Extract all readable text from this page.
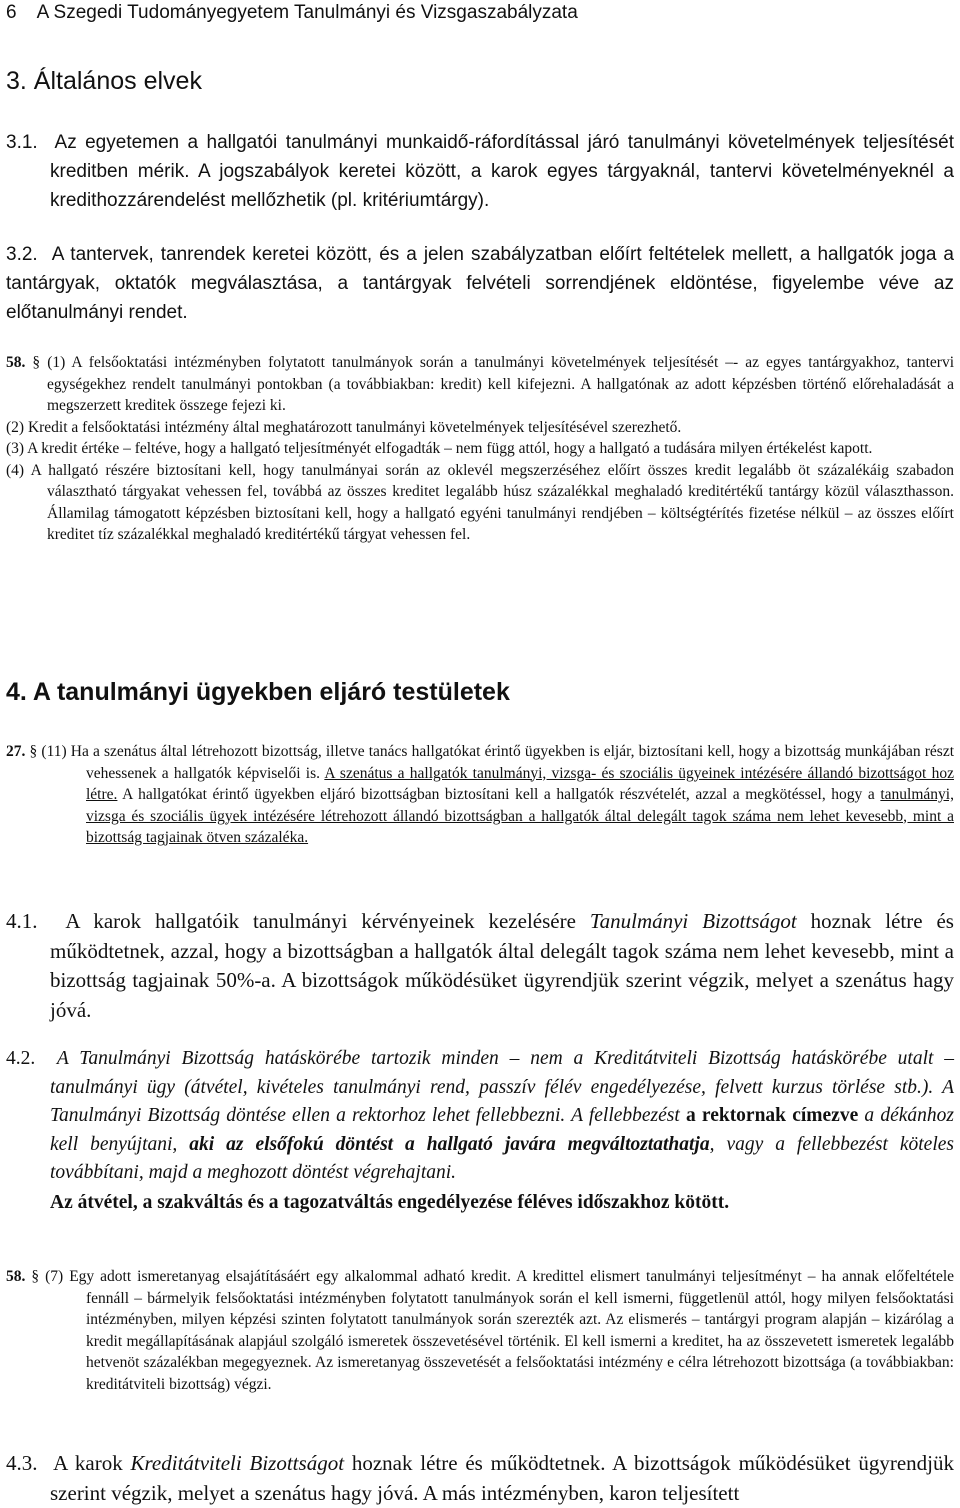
6 A Szegedi Tudományegyetem Tanulmányi és Vizsgaszabályzata
3. Általános elvek

3.1. Az egyetemen a hallgatói tanulmányi munkaidő-ráfordítással járó tanulmányi követelmények teljesítését kreditben mérik. A jogszabályok keretei között, a karok egyes tárgyaknál, tantervi követelményeknél a kredithozzárendelést mellőzhetik (pl. kritériumtárgy).

3.2. A tantervek, tanrendek keretei között, és a jelen szabályzatban előírt feltételek mellett, a hallgatók joga a tantárgyak, oktatók megválasztása, a tantárgyak felvételi sorrendjének eldöntése, figyelembe véve az előtanulmányi rendet.

58. § (1) A felsőoktatási intézményben folytatott tanulmányok során a tanulmányi követelmények teljesítését –- az egyes tantárgyakhoz, tantervi egységekhez rendelt tanulmányi pontokban (a továbbiakban: kredit) kell kifejezni. A hallgatónak az adott képzésben történő előrehaladását a megszerzett kreditek összege fejezi ki.

(2) Kredit a felsőoktatási intézmény által meghatározott tanulmányi követelmények teljesítésével szerezhető.

(3) A kredit értéke – feltéve, hogy a hallgató teljesítményét elfogadták – nem függ attól, hogy a hallgató a tudására milyen értékelést kapott.

(4) A hallgató részére biztosítani kell, hogy tanulmányai során az oklevél megszerzéséhez előírt összes kredit legalább öt százalékáig szabadon választható tárgyakat vehessen fel, továbbá az összes kreditet legalább húsz százalékkal meghaladó kreditértékű tantárgy közül választhasson. Államilag támogatott képzésben biztosítani kell, hogy a hallgató egyéni tanulmányi rendjében – költségtérítés fizetése nélkül – az összes előírt kreditet tíz százalékkal meghaladó kreditértékű tárgyat vehessen fel.

4. A tanulmányi ügyekben eljáró testületek

27. § (11) Ha a szenátus által létrehozott bizottság, illetve tanács hallgatókat érintő ügyekben is eljár, biztosítani kell, hogy a bizottság munkájában részt vehessenek a hallgatók képviselői is. A szenátus a hallgatók tanulmányi, vizsga- és szociális ügyeinek intézésére állandó bizottságot hoz létre. A hallgatókat érintő ügyekben eljáró bizottságban biztosítani kell a hallgatók részvételét, azzal a megkötéssel, hogy a tanulmányi, vizsga és szociális ügyek intézésére létrehozott állandó bizottságban a hallgatók által delegált tagok száma nem lehet kevesebb, mint a bizottság tagjainak ötven százaléka.

4.1. A karok hallgatóik tanulmányi kérvényeinek kezelésére Tanulmányi Bizottságot hoznak létre és működtetnek, azzal, hogy a bizottságban a hallgatók által delegált tagok száma nem lehet kevesebb, mint a bizottság tagjainak 50%-a. A bizottságok működésüket ügyrendjük szerint végzik, melyet a szenátus hagy jóvá.

4.2. A Tanulmányi Bizottság hatáskörébe tartozik minden – nem a Kreditátviteli Bizottság hatáskörébe utalt – tanulmányi ügy (átvétel, kivételes tanulmányi rend, passzív félév engedélyezése, felvett kurzus törlése stb.). A Tanulmányi Bizottság döntése ellen a rektorhoz lehet fellebbezni. A fellebbezést a rektornak címezve a dékánhoz kell benyújtani, aki az elsőfokú döntést a hallgató javára megváltoztathatja, vagy a fellebbezést köteles továbbítani, majd a meghozott döntést végrehajtani.

Az átvétel, a szakváltás és a tagozatváltás engedélyezése féléves időszakhoz kötött.

58. § (7) Egy adott ismeretanyag elsajátításáért egy alkalommal adható kredit. A kredittel elismert tanulmányi teljesítményt – ha annak előfeltétele fennáll – bármelyik felsőoktatási intézményben folytatott tanulmányok során el kell ismerni, függetlenül attól, hogy milyen felsőoktatási intézményben, milyen képzési szinten folytatott tanulmányok során szerezték azt. Az elismerés – tantárgyi program alapján – kizárólag a kredit megállapításának alapjául szolgáló ismeretek összevetésével történik. El kell ismerni a kreditet, ha az összevetett ismeretek legalább hetvenöt százalékban megegyeznek. Az ismeretanyag összevetését a felsőoktatási intézmény e célra létrehozott bizottsága (a továbbiakban: kreditátviteli bizottság) végzi.

4.3. A karok Kreditátviteli Bizottságot hoznak létre és működtetnek. A bizottságok működésüket ügyrendjük szerint végzik, melyet a szenátus hagy jóvá. A más intézményben, karon teljesített
